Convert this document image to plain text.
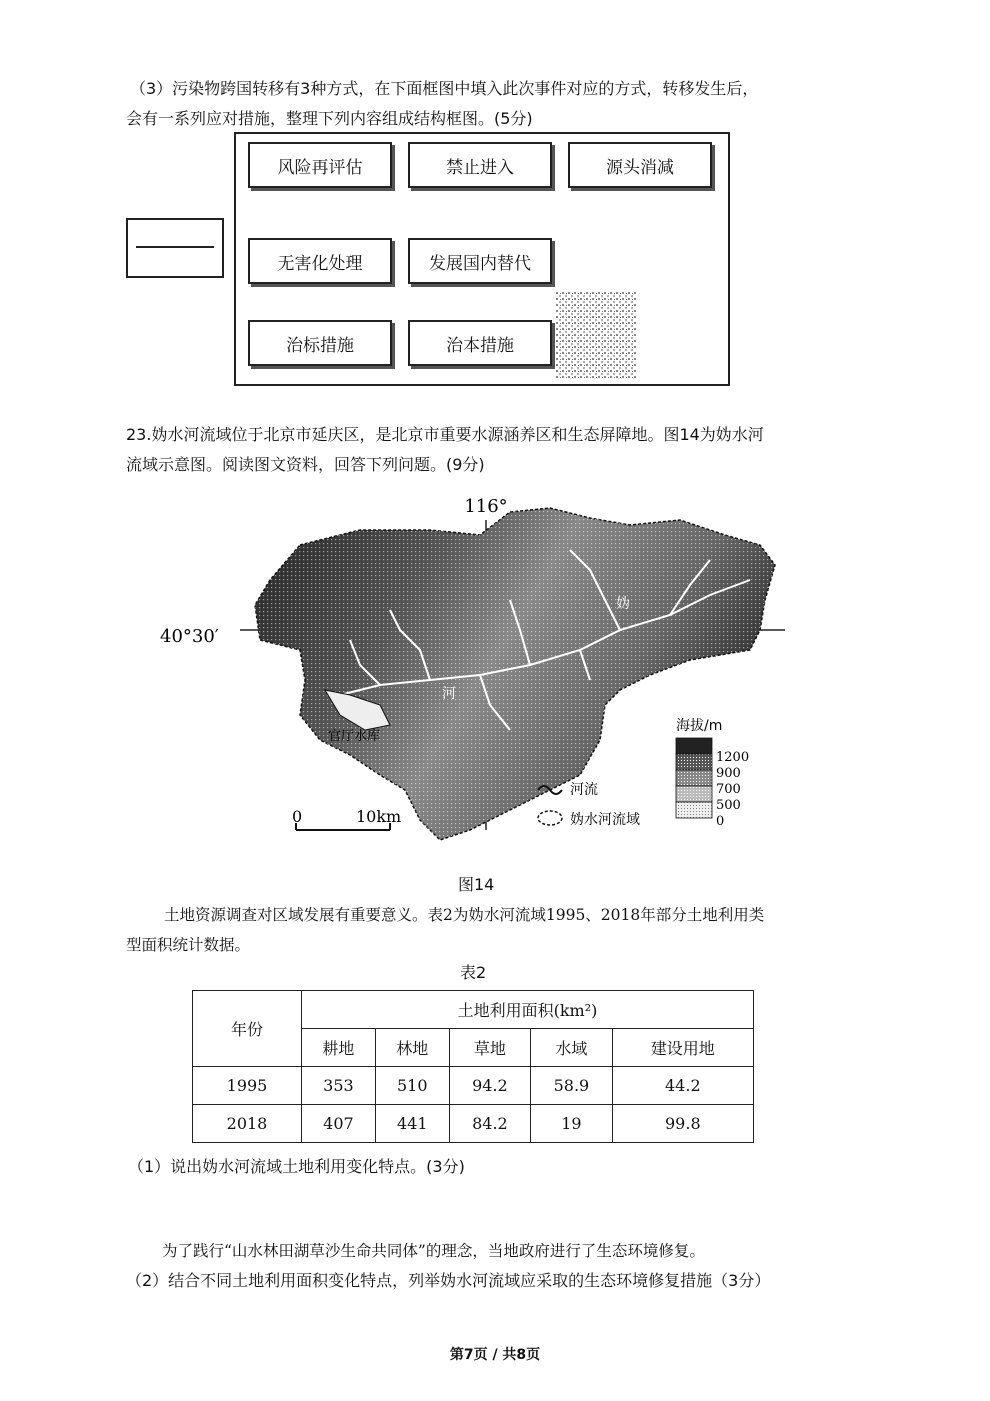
（3）污染物跨国转移有3种方式，在下面框图中填入此次事件对应的方式，转移发生后，
会有一系列应对措施，整理下列内容组成结构框图。(5分)
风险再评估	禁止进入	源头消减
无害化处理	发展国内替代
治标措施	治本措施
23.妫水河流域位于北京市延庆区，是北京市重要水源涵养区和生态屏障地。图14为妫水河
流域示意图。阅读图文资料，回答下列问题。(9分)
116°
40°30′
妫
河
官厅水库
0	10km
海拔/m
1200
900
700
500
0
河流
妫水河流域
图14
土地资源调查对区域发展有重要意义。表2为妫水河流域1995、2018年部分土地利用类
型面积统计数据。
表2
年份	土地利用面积(km²)				
	耕地	林地	草地	水域	建设用地
1995	353	510	94.2	58.9	44.2
2018	407	441	84.2	19	99.8
（1）说出妫水河流域土地利用变化特点。(3分)
为了践行“山水林田湖草沙生命共同体”的理念，当地政府进行了生态环境修复。
（2）结合不同土地利用面积变化特点，列举妫水河流域应采取的生态环境修复措施（3分）
第7页 / 共8页
